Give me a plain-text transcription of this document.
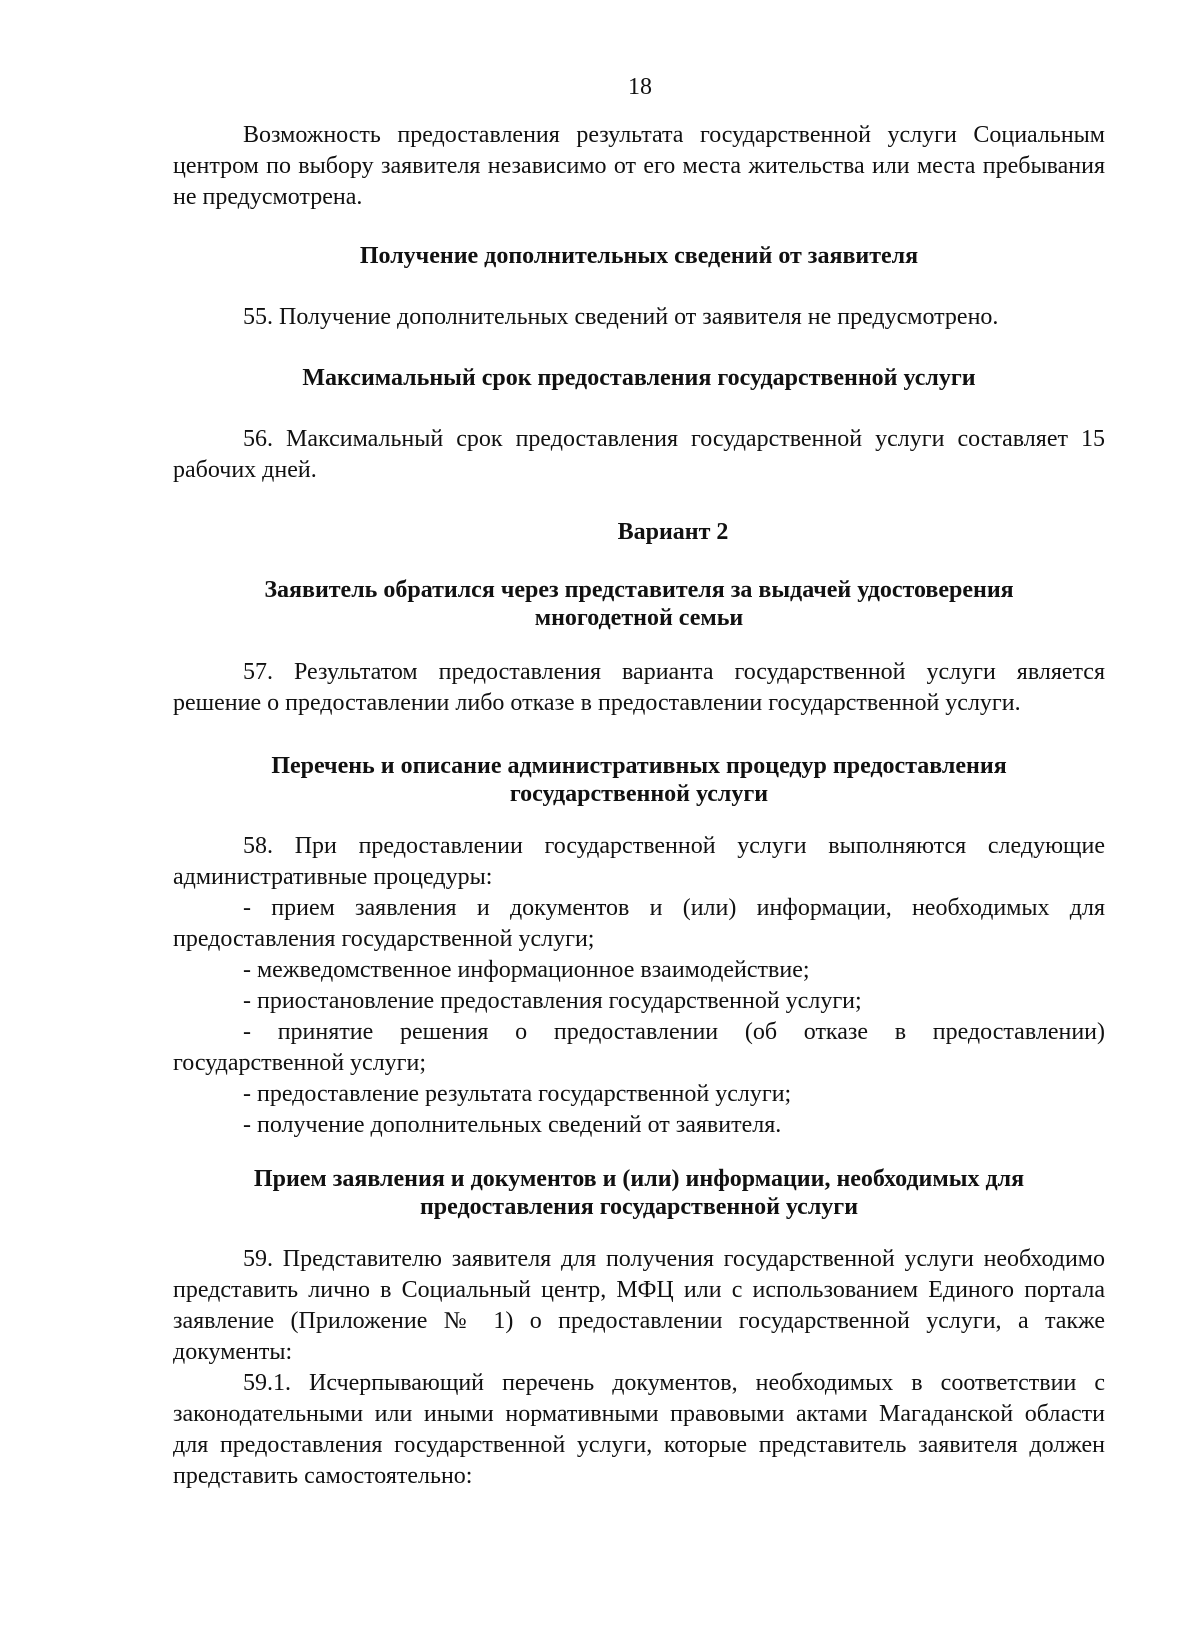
18

Возможность предоставления результата государственной услуги Социальным центром по выбору заявителя независимо от его места жительства или места пребывания не предусмотрена.

Получение дополнительных сведений от заявителя

55. Получение дополнительных сведений от заявителя не предусмотрено.

Максимальный срок предоставления государственной услуги

56. Максимальный срок предоставления государственной услуги составляет 15 рабочих дней.

Вариант 2
Заявитель обратился через представителя за выдачей удостоверения
многодетной семьи

57. Результатом предоставления варианта государственной услуги является решение о предоставлении либо отказе в предоставлении государственной услуги.

Перечень и описание административных процедур предоставления
государственной услуги

58. При предоставлении государственной услуги выполняются следующие административные процедуры:

- прием заявления и документов и (или) информации, необходимых для предоставления государственной услуги;
- межведомственное информационное взаимодействие;
- приостановление предоставления государственной услуги;
- принятие решения о предоставлении (об отказе в предоставлении) государственной услуги;
- предоставление результата государственной услуги;
- получение дополнительных сведений от заявителя.
Прием заявления и документов и (или) информации, необходимых для
предоставления государственной услуги

59. Представителю заявителя для получения государственной услуги необходимо представить лично в Социальный центр, МФЦ или с использованием Единого портала заявление (Приложение № 1) о предоставлении государственной услуги, а также документы:

59.1. Исчерпывающий перечень документов, необходимых в соответствии с законодательными или иными нормативными правовыми актами Магаданской области для предоставления государственной услуги, которые представитель заявителя должен представить самостоятельно:
